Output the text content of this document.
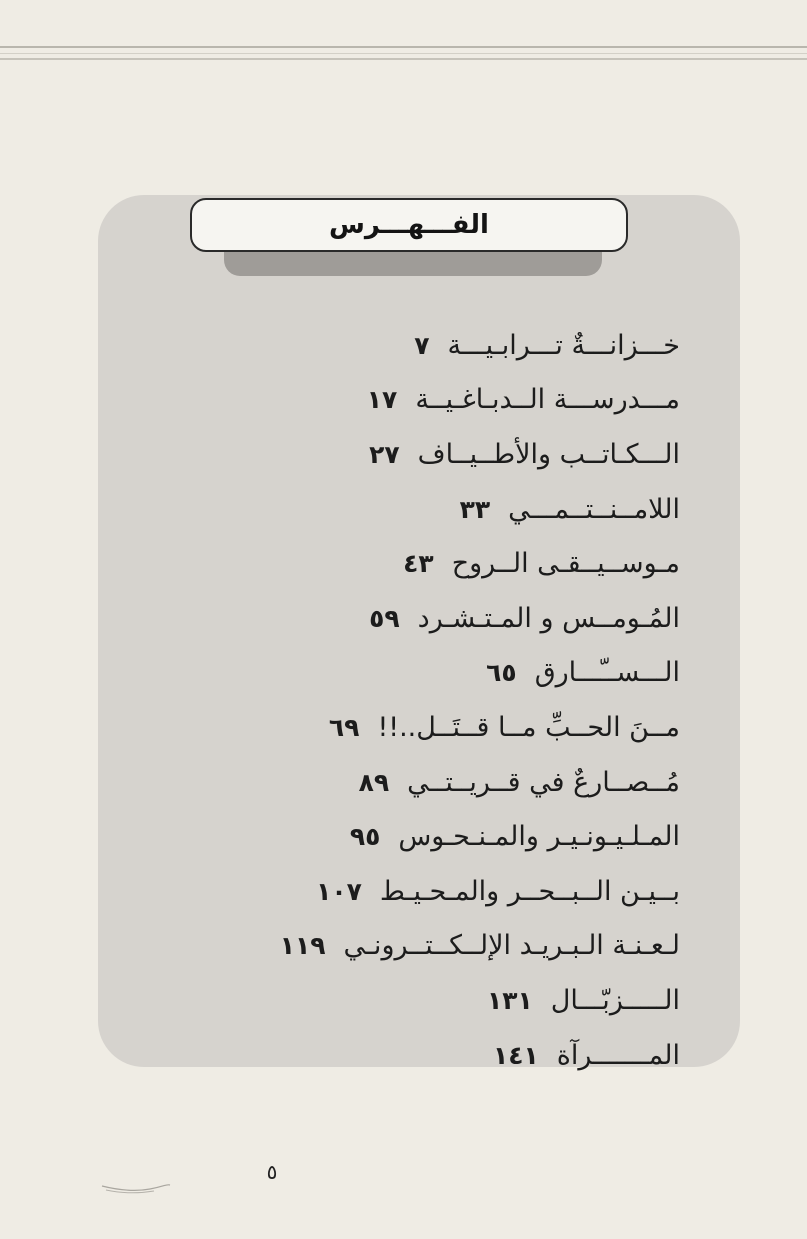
الفـــهـــرس
خـــزانـــةٌ تـــرابـيـــة
٧
مـــدرســـة الــدبـاغـيــة
١٧
الـــكـاتــب والأطــيــاف
٢٧
اللامــنــتــمـــي
٣٣
مـوســيــقـى الــروح
٤٣
المُـومــس و المـتـشـرد
٥٩
الـــســّـــارق
٦٥
مــنَ الحــبِّ مــا قــتَــل..!!
٦٩
مُــصــارعٌ في قــريــتــي
٨٩
المـلـيـونـيـر والمـنـحـوس
٩٥
بــيـن الــبــحــر والمـحـيـط
١٠٧
لـعـنـة الـبـريـد الإلــكــتــرونـي
١١٩
الـــــزبّـــال
١٣١
المـــــــرآة
١٤١
٥
